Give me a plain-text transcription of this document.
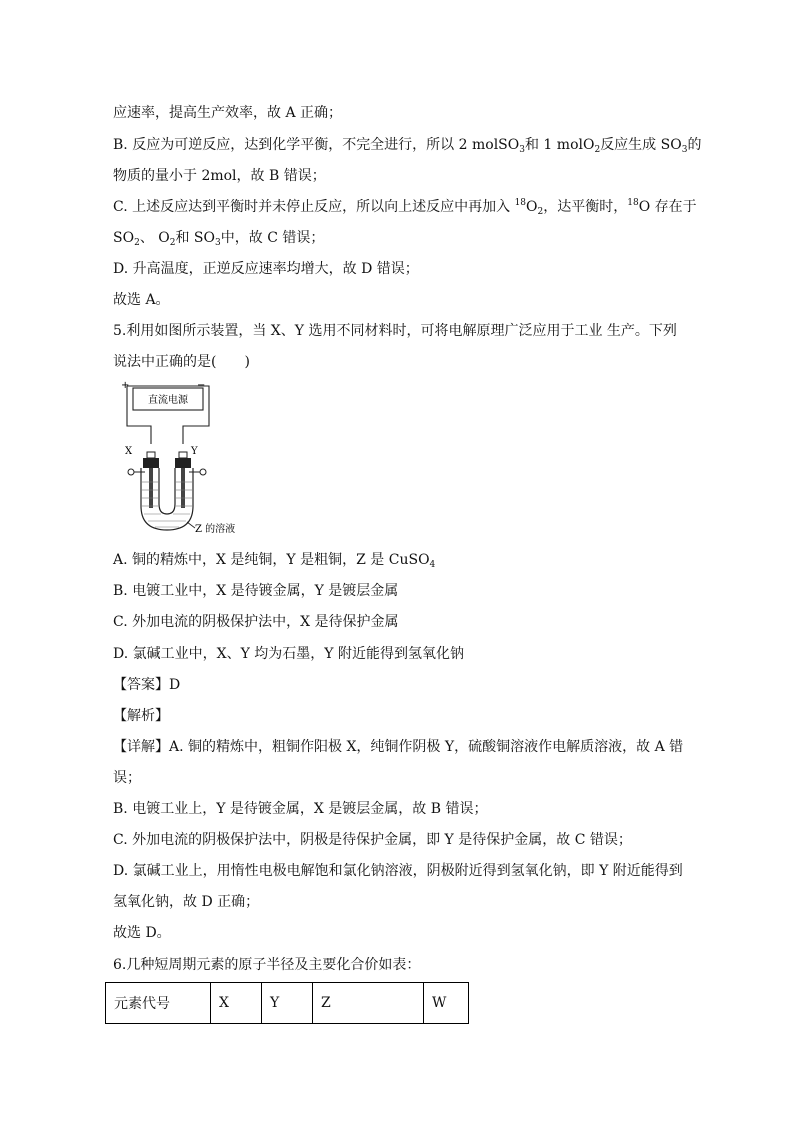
应速率，提高生产效率，故 A 正确；
B. 反应为可逆反应，达到化学平衡，不完全进行，所以 2 molSO$_3$和 1 molO$_2$反应生成 $SO_3$的
物质的量小于 2mol，故 B 错误；
C. 上述反应达到平衡时并未停止反应，所以向上述反应中再加入 $^{18}O_2$，达平衡时，$^{18}$O 存在于
$SO_2$、 $O_2$和 $SO_3$中，故 C 错误；
D. 升高温度，正逆反应速率均增大，故 D 错误；
故选 A。
5.利用如图所示装置，当 X、Y 选用不同材料时，可将电解原理广泛应用于工业 生产。下列
说法中正确的是(　　)
直流电源
+	−
X	Y
Z 的溶液
A. 铜的精炼中，X 是纯铜，Y 是粗铜，Z 是 CuSO$_4$
B. 电镀工业中，X 是待镀金属，Y 是镀层金属
C. 外加电流的阴极保护法中，X 是待保护金属
D. 氯碱工业中，X、Y 均为石墨，Y 附近能得到氢氧化钠
【答案】D
【解析】
【详解】A. 铜的精炼中，粗铜作阳极 X，纯铜作阴极 Y，硫酸铜溶液作电解质溶液，故 A 错
误；
B. 电镀工业上，Y 是待镀金属，X 是镀层金属，故 B 错误；
C. 外加电流的阴极保护法中，阴极是待保护金属，即 Y 是待保护金属，故 C 错误；
D. 氯碱工业上，用惰性电极电解饱和氯化钠溶液，阴极附近得到氢氧化钠，即 Y 附近能得到
氢氧化钠，故 D 正确；
故选 D。
6.几种短周期元素的原子半径及主要化合价如表：
元素代号	X	Y	Z	W
